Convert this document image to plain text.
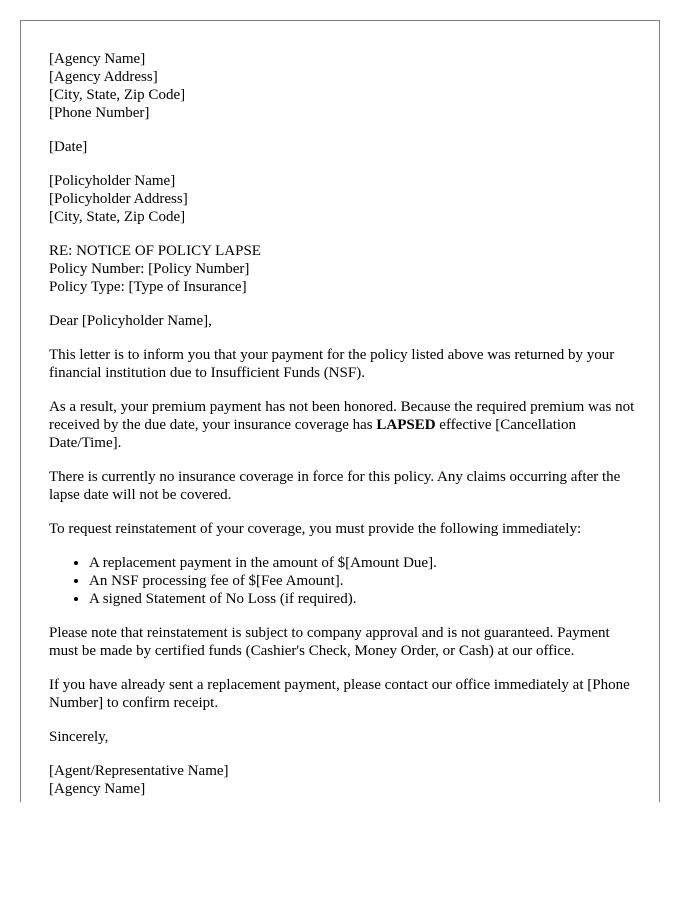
[Agency Name]
[Agency Address]
[City, State, Zip Code]
[Phone Number]
[Date]
[Policyholder Name]
[Policyholder Address]
[City, State, Zip Code]
RE: NOTICE OF POLICY LAPSE
Policy Number: [Policy Number]
Policy Type: [Type of Insurance]

Dear [Policyholder Name],

This letter is to inform you that your payment for the policy listed above was returned by your financial institution due to Insufficient Funds (NSF).

As a result, your premium payment has not been honored. Because the required premium was not received by the due date, your insurance coverage has LAPSED effective [Cancellation Date/Time].

There is currently no insurance coverage in force for this policy. Any claims occurring after the lapse date will not be covered.

To request reinstatement of your coverage, you must provide the following immediately:

• A replacement payment in the amount of $[Amount Due].
• An NSF processing fee of $[Fee Amount].
• A signed Statement of No Loss (if required).

Please note that reinstatement is subject to company approval and is not guaranteed. Payment must be made by certified funds (Cashier's Check, Money Order, or Cash) at our office.

If you have already sent a replacement payment, please contact our office immediately at [Phone Number] to confirm receipt.

Sincerely,

[Agent/Representative Name]
[Agency Name]
